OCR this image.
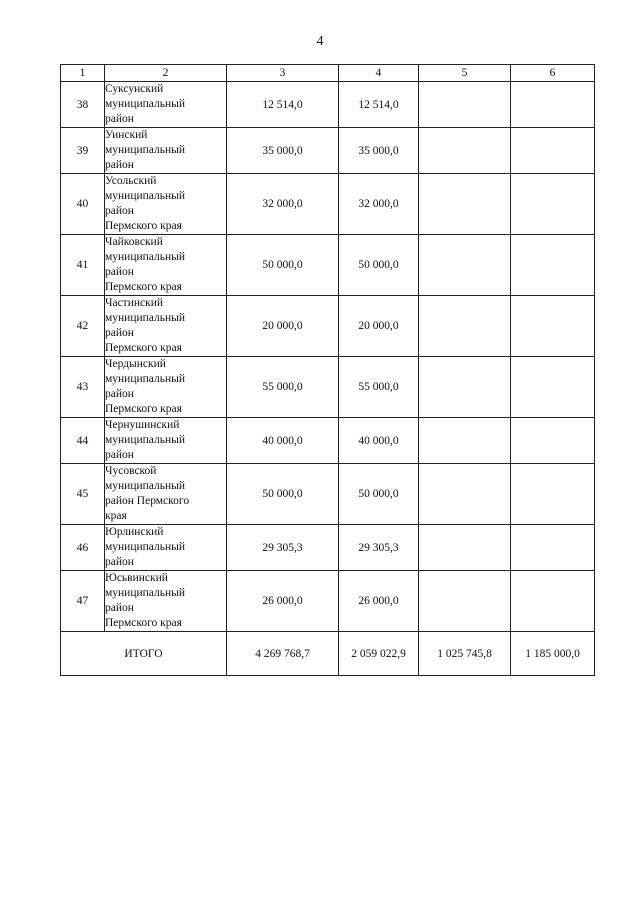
4
1	2	3	4	5	6
38	Суксунский
муниципальный
район	12 514,0	12 514,0		
39	Уинский
муниципальный
район	35 000,0	35 000,0		
40	Усольский
муниципальный
район
Пермского края	32 000,0	32 000,0		
41	Чайковский
муниципальный
район
Пермского края	50 000,0	50 000,0		
42	Частинский
муниципальный
район
Пермского края	20 000,0	20 000,0		
43	Чердынский
муниципальный
район
Пермского края	55 000,0	55 000,0		
44	Чернушинский
муниципальный
район	40 000,0	40 000,0		
45	Чусовской
муниципальный
район Пермского
края	50 000,0	50 000,0		
46	Юрлинский
муниципальный
район	29 305,3	29 305,3		
47	Юсьвинский
муниципальный
район
Пермского края	26 000,0	26 000,0		
ИТОГО		4 269 768,7	2 059 022,9	1 025 745,8	1 185 000,0
